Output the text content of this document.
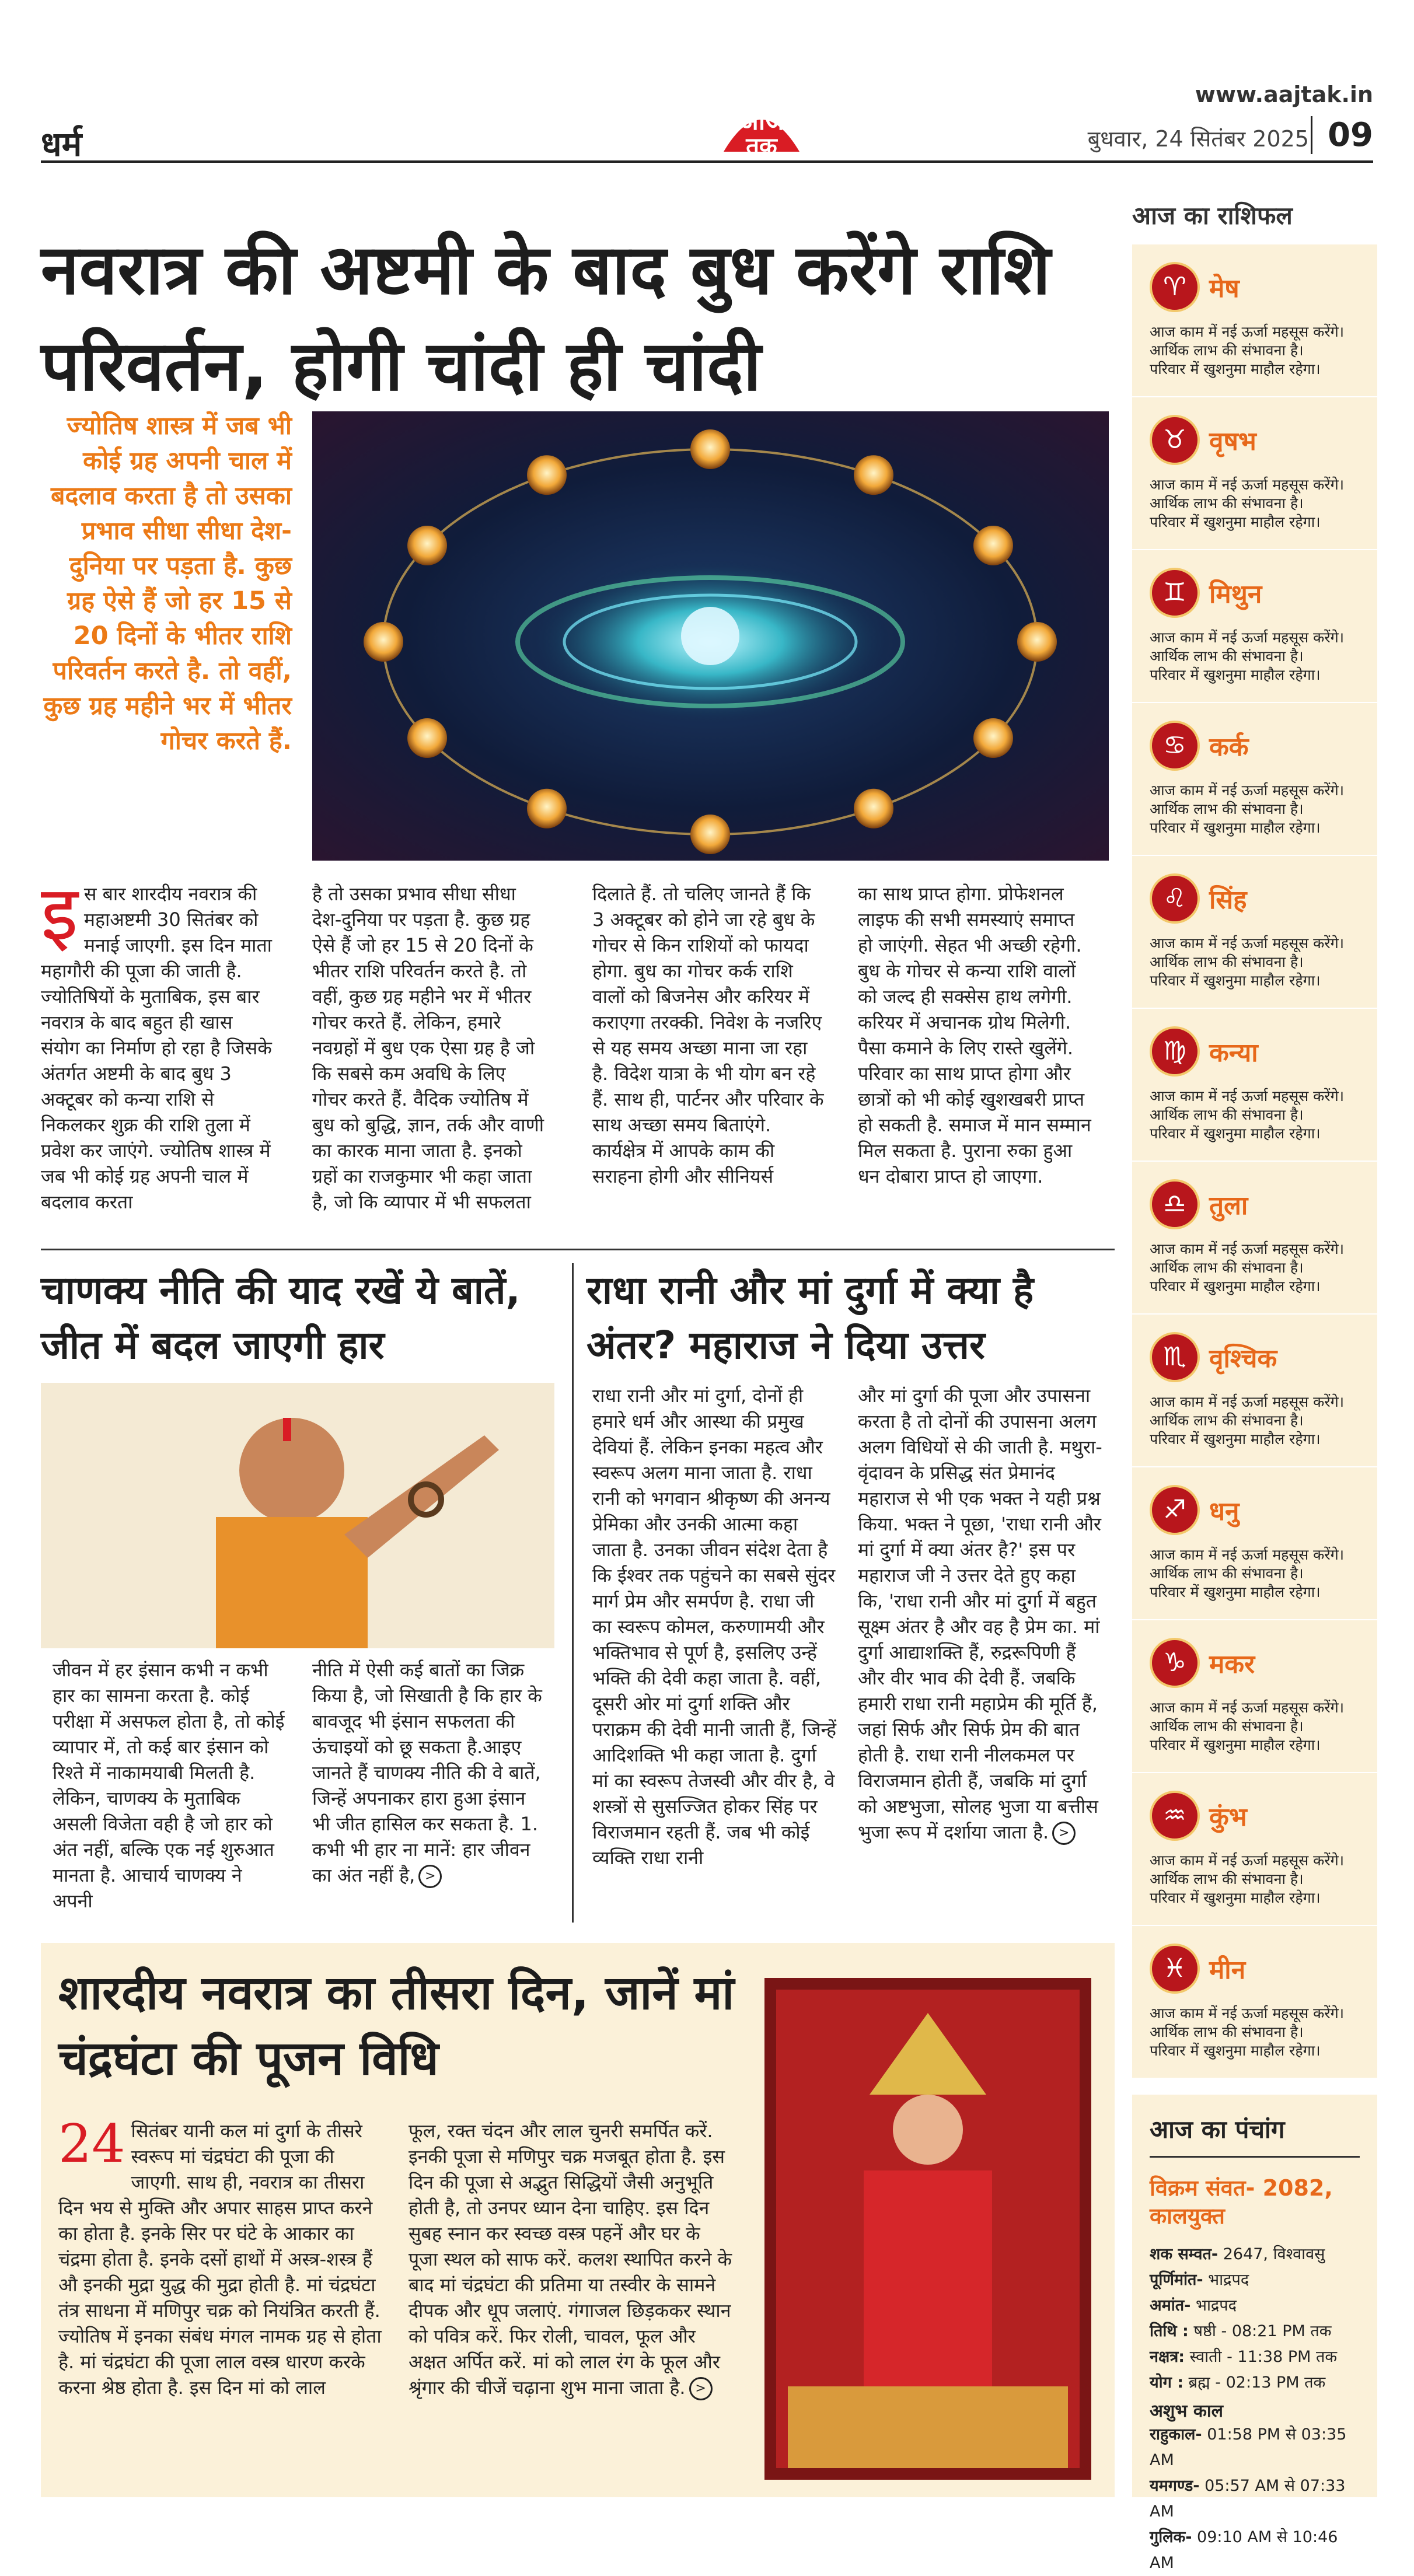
www.aajtak.in
धर्म
आज
तक	बुधवार, 24 सितंबर 2025 09
नवरात्र की अष्टमी के बाद बुध करेंगे राशि परिवर्तन, होगी चांदी ही चांदी
ज्योतिष शास्त्र में जब भी कोई ग्रह अपनी चाल में बदलाव करता है तो उसका प्रभाव सीधा सीधा देश-दुनिया पर पड़ता है. कुछ ग्रह ऐसे हैं जो हर 15 से 20 दिनों के भीतर राशि परिवर्तन करते है. तो वहीं, कुछ ग्रह महीने भर में भीतर गोचर करते हैं.
इस बार शारदीय नवरात्र की महाअष्टमी 30 सितंबर को मनाई जाएगी. इस दिन माता महागौरी की पूजा की जाती है. ज्योतिषियों के मुताबिक, इस बार नवरात्र के बाद बहुत ही खास संयोग का निर्माण हो रहा है जिसके अंतर्गत अष्टमी के बाद बुध 3 अक्टूबर को कन्या राशि से निकलकर शुक्र की राशि तुला में प्रवेश कर जाएंगे. ज्योतिष शास्त्र में जब भी कोई ग्रह अपनी चाल में बदलाव करता
है तो उसका प्रभाव सीधा सीधा देश-दुनिया पर पड़ता है. कुछ ग्रह ऐसे हैं जो हर 15 से 20 दिनों के भीतर राशि परिवर्तन करते है. तो वहीं, कुछ ग्रह महीने भर में भीतर गोचर करते हैं. लेकिन, हमारे नवग्रहों में बुध एक ऐसा ग्रह है जो कि सबसे कम अवधि के लिए गोचर करते हैं. वैदिक ज्योतिष में बुध को बुद्धि, ज्ञान, तर्क और वाणी का कारक माना जाता है. इनको ग्रहों का राजकुमार भी कहा जाता है, जो कि व्यापार में भी सफलता
दिलाते हैं. तो चलिए जानते हैं कि 3 अक्टूबर को होने जा रहे बुध के गोचर से किन राशियों को फायदा होगा. बुध का गोचर कर्क राशि वालों को बिजनेस और करियर में कराएगा तरक्की. निवेश के नजरिए से यह समय अच्छा माना जा रहा है. विदेश यात्रा के भी योग बन रहे हैं. साथ ही, पार्टनर और परिवार के साथ अच्छा समय बिताएंगे. कार्यक्षेत्र में आपके काम की सराहना होगी और सीनियर्स
का साथ प्राप्त होगा. प्रोफेशनल लाइफ की सभी समस्याएं समाप्त हो जाएंगी. सेहत भी अच्छी रहेगी. बुध के गोचर से कन्या राशि वालों को जल्द ही सक्सेस हाथ लगेगी. करियर में अचानक ग्रोथ मिलेगी. पैसा कमाने के लिए रास्ते खुलेंगे. परिवार का साथ प्राप्त होगा और छात्रों को भी कोई खुशखबरी प्राप्त हो सकती है. समाज में मान सम्मान मिल सकता है. पुराना रुका हुआ धन दोबारा प्राप्त हो जाएगा.
चाणक्य नीति की याद रखें ये बातें, जीत में बदल जाएगी हार
जीवन में हर इंसान कभी न कभी हार का सामना करता है. कोई परीक्षा में असफल होता है, तो कोई व्यापार में, तो कई बार इंसान को रिश्ते में नाकामयाबी मिलती है. लेकिन, चाणक्य के मुताबिक असली विजेता वही है जो हार को अंत नहीं, बल्कि एक नई शुरुआत मानता है. आचार्य चाणक्य ने अपनी
नीति में ऐसी कई बातों का जिक्र किया है, जो सिखाती है कि हार के बावजूद भी इंसान सफलता की ऊंचाइयों को छू सकता है.आइए जानते हैं चाणक्य नीति की वे बातें, जिन्हें अपनाकर हारा हुआ इंसान भी जीत हासिल कर सकता है. 1. कभी भी हार ना मानें: हार जीवन का अंत नहीं है, >
राधा रानी और मां दुर्गा में क्या है अंतर? महाराज ने दिया उत्तर
राधा रानी और मां दुर्गा, दोनों ही हमारे धर्म और आस्था की प्रमुख देवियां हैं. लेकिन इनका महत्व और स्वरूप अलग माना जाता है. राधा रानी को भगवान श्रीकृष्ण की अनन्य प्रेमिका और उनकी आत्मा कहा जाता है. उनका जीवन संदेश देता है कि ईश्वर तक पहुंचने का सबसे सुंदर मार्ग प्रेम और समर्पण है. राधा जी का स्वरूप कोमल, करुणामयी और भक्तिभाव से पूर्ण है, इसलिए उन्हें भक्ति की देवी कहा जाता है. वहीं, दूसरी ओर मां दुर्गा शक्ति और पराक्रम की देवी मानी जाती हैं, जिन्हें आदिशक्ति भी कहा जाता है. दुर्गा मां का स्वरूप तेजस्वी और वीर है, वे शस्त्रों से सुसज्जित होकर सिंह पर विराजमान रहती हैं. जब भी कोई व्यक्ति राधा रानी
और मां दुर्गा की पूजा और उपासना करता है तो दोनों की उपासना अलग अलग विधियों से की जाती है. मथुरा-वृंदावन के प्रसिद्ध संत प्रेमानंद महाराज से भी एक भक्त ने यही प्रश्न किया. भक्त ने पूछा, 'राधा रानी और मां दुर्गा में क्या अंतर है?' इस पर महाराज जी ने उत्तर देते हुए कहा कि, 'राधा रानी और मां दुर्गा में बहुत सूक्ष्म अंतर है और वह है प्रेम का. मां दुर्गा आद्याशक्ति हैं, रुद्ररूपिणी हैं और वीर भाव की देवी हैं. जबकि हमारी राधा रानी महाप्रेम की मूर्ति हैं, जहां सिर्फ और सिर्फ प्रेम की बात होती है. राधा रानी नीलकमल पर विराजमान होती हैं, जबकि मां दुर्गा को अष्टभुजा, सोलह भुजा या बत्तीस भुजा रूप में दर्शाया जाता है. >
शारदीय नवरात्र का तीसरा दिन, जानें मां चंद्रघंटा की पूजन विधि
24 सितंबर यानी कल मां दुर्गा के तीसरे स्वरूप मां चंद्रघंटा की पूजा की जाएगी. साथ ही, नवरात्र का तीसरा दिन भय से मुक्ति और अपार साहस प्राप्त करने का होता है. इनके सिर पर घंटे के आकार का चंद्रमा होता है. इनके दसों हाथों में अस्त्र-शस्त्र हैं औ इनकी मुद्रा युद्ध की मुद्रा होती है. मां चंद्रघंटा तंत्र साधना में मणिपुर चक्र को नियंत्रित करती हैं. ज्योतिष में इनका संबंध मंगल नामक ग्रह से होता है. मां चंद्रघंटा की पूजा लाल वस्त्र धारण करके करना श्रेष्ठ होता है. इस दिन मां को लाल
फूल, रक्त चंदन और लाल चुनरी समर्पित करें. इनकी पूजा से मणिपुर चक्र मजबूत होता है. इस दिन की पूजा से अद्भुत सिद्धियों जैसी अनुभूति होती है, तो उनपर ध्यान देना चाहिए. इस दिन सुबह स्नान कर स्वच्छ वस्त्र पहनें और घर के पूजा स्थल को साफ करें. कलश स्थापित करने के बाद मां चंद्रघंटा की प्रतिमा या तस्वीर के सामने दीपक और धूप जलाएं. गंगाजल छिड़ककर स्थान को पवित्र करें. फिर रोली, चावल, फूल और अक्षत अर्पित करें. मां को लाल रंग के फूल और श्रृंगार की चीजें चढ़ाना शुभ माना जाता है. >
आज का राशिफल
♈ मेष
आज काम में नई ऊर्जा महसूस करेंगे।
आर्थिक लाभ की संभावना है।
परिवार में खुशनुमा माहौल रहेगा।
♉ वृषभ
आज काम में नई ऊर्जा महसूस करेंगे।
आर्थिक लाभ की संभावना है।
परिवार में खुशनुमा माहौल रहेगा।
♊ मिथुन
आज काम में नई ऊर्जा महसूस करेंगे।
आर्थिक लाभ की संभावना है।
परिवार में खुशनुमा माहौल रहेगा।
♋ कर्क
आज काम में नई ऊर्जा महसूस करेंगे।
आर्थिक लाभ की संभावना है।
परिवार में खुशनुमा माहौल रहेगा।
♌ सिंह
आज काम में नई ऊर्जा महसूस करेंगे।
आर्थिक लाभ की संभावना है।
परिवार में खुशनुमा माहौल रहेगा।
♍ कन्या
आज काम में नई ऊर्जा महसूस करेंगे।
आर्थिक लाभ की संभावना है।
परिवार में खुशनुमा माहौल रहेगा।
♎ तुला
आज काम में नई ऊर्जा महसूस करेंगे।
आर्थिक लाभ की संभावना है।
परिवार में खुशनुमा माहौल रहेगा।
♏ वृश्चिक
आज काम में नई ऊर्जा महसूस करेंगे।
आर्थिक लाभ की संभावना है।
परिवार में खुशनुमा माहौल रहेगा।
♐ धनु
आज काम में नई ऊर्जा महसूस करेंगे।
आर्थिक लाभ की संभावना है।
परिवार में खुशनुमा माहौल रहेगा।
♑ मकर
आज काम में नई ऊर्जा महसूस करेंगे।
आर्थिक लाभ की संभावना है।
परिवार में खुशनुमा माहौल रहेगा।
♒ कुंभ
आज काम में नई ऊर्जा महसूस करेंगे।
आर्थिक लाभ की संभावना है।
परिवार में खुशनुमा माहौल रहेगा।
♓ मीन
आज काम में नई ऊर्जा महसूस करेंगे।
आर्थिक लाभ की संभावना है।
परिवार में खुशनुमा माहौल रहेगा।
आज का पंचांग
विक्रम संवत- 2082, कालयुक्त
शक सम्वत- 2647, विश्वावसु
पूर्णिमांत- भाद्रपद
अमांत- भाद्रपद
तिथि : षष्ठी - 08:21 PM तक
नक्षत्र: स्वाती - 11:38 PM तक
योग : ब्रह्म - 02:13 PM तक
अशुभ काल
राहुकाल- 01:58 PM से 03:35 AM
यमगण्ड- 05:57 AM से 07:33 AM
गुलिक- 09:10 AM से 10:46 AM
